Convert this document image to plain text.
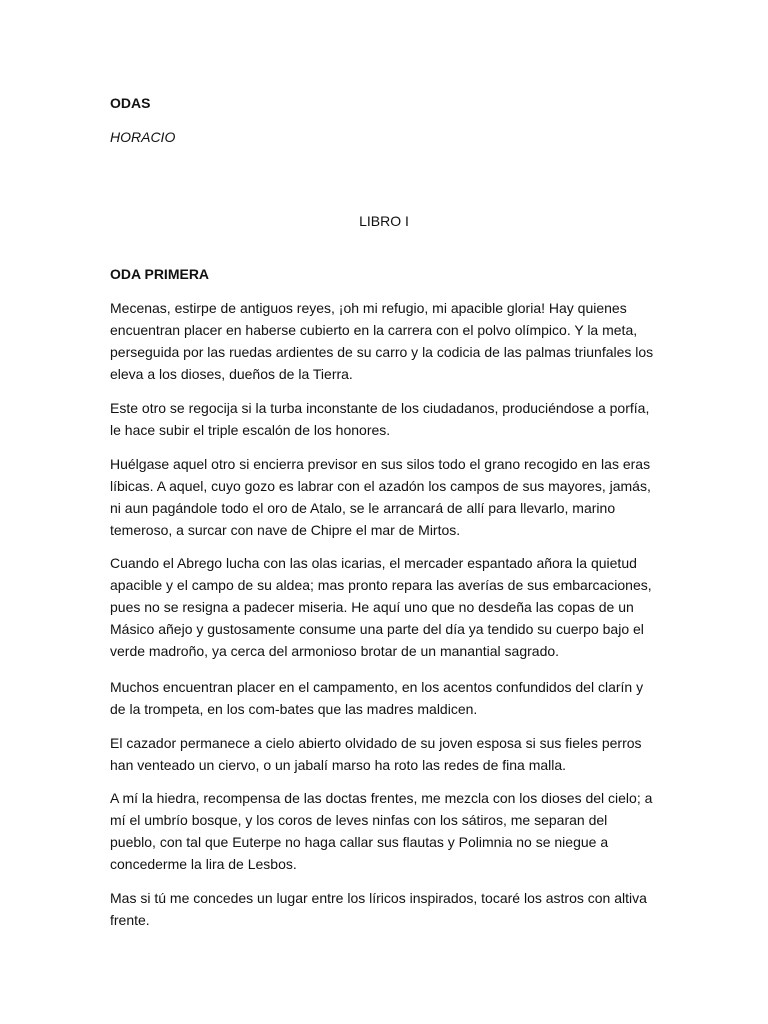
ODAS

HORACIO

LIBRO I

ODA PRIMERA

Mecenas, estirpe de antiguos reyes, ¡oh mi refugio, mi apacible gloria! Hay quienes encuentran placer en haberse cubierto en la carrera con el polvo olímpico. Y la meta, perseguida por las ruedas ardientes de su carro y la codicia de las palmas triunfales los eleva a los dioses, dueños de la Tierra.

Este otro se regocija si la turba inconstante de los ciudadanos, produciéndose a porfía, le hace subir el triple escalón de los honores.

Huélgase aquel otro si encierra previsor en sus silos todo el grano recogido en las eras líbicas. A aquel, cuyo gozo es labrar con el azadón los campos de sus mayores, jamás, ni aun pagándole todo el oro de Atalo, se le arrancará de allí para llevarlo, marino temeroso, a surcar con nave de Chipre el mar de Mirtos.

Cuando el Abrego lucha con las olas icarias, el mercader espantado añora la quietud apacible y el campo de su aldea; mas pronto repara las averías de sus embarcaciones, pues no se resigna a padecer miseria. He aquí uno que no desdeña las copas de un Másico añejo y gustosamente consume una parte del día ya tendido su cuerpo bajo el verde madroño, ya cerca del armonioso brotar de un manantial sagrado.

Muchos encuentran placer en el campamento, en los acentos confundidos del clarín y de la trompeta, en los com-bates que las madres maldicen.

El cazador permanece a cielo abierto olvidado de su joven esposa si sus fieles perros han venteado un ciervo, o un jabalí marso ha roto las redes de fina malla.

A mí la hiedra, recompensa de las doctas frentes, me mezcla con los dioses del cielo; a mí el umbrío bosque, y los coros de leves ninfas con los sátiros, me separan del pueblo, con tal que Euterpe no haga callar sus flautas y Polimnia no se niegue a concederme la lira de Lesbos.

Mas si tú me concedes un lugar entre los líricos inspirados, tocaré los astros con altiva frente.
